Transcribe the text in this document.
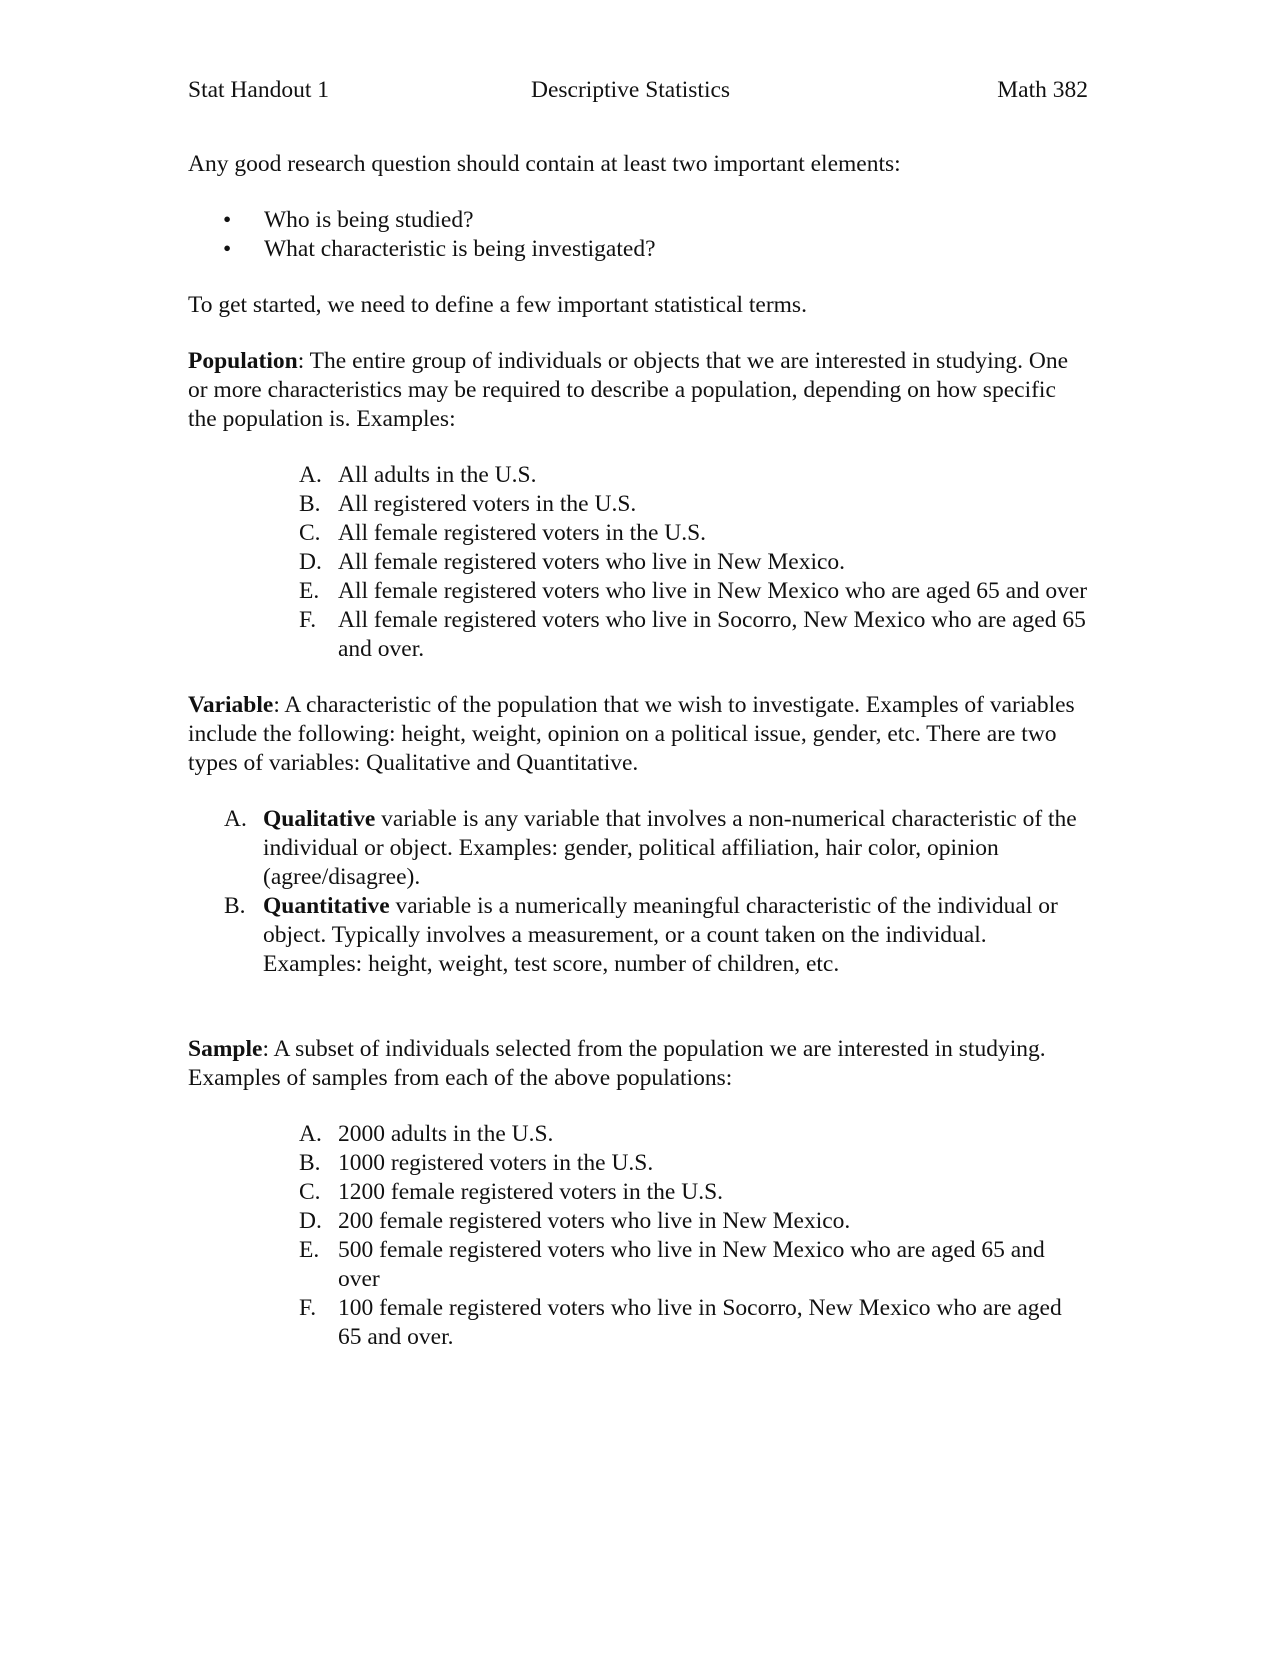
Stat Handout 1	Descriptive Statistics	Math 382

Any good research question should contain at least two important elements:

• Who is being studied?
• What characteristic is being investigated?

To get started, we need to define a few important statistical terms.

Population: The entire group of individuals or objects that we are interested in studying. One or more characteristics may be required to describe a population, depending on how specific the population is. Examples:

A. All adults in the U.S.
B. All registered voters in the U.S.
C. All female registered voters in the U.S.
D. All female registered voters who live in New Mexico.
E. All female registered voters who live in New Mexico who are aged 65 and over
F. All female registered voters who live in Socorro, New Mexico who are aged 65 and over.

Variable: A characteristic of the population that we wish to investigate. Examples of variables include the following: height, weight, opinion on a political issue, gender, etc. There are two types of variables: Qualitative and Quantitative.

A. Qualitative variable is any variable that involves a non-numerical characteristic of the individual or object. Examples: gender, political affiliation, hair color, opinion (agree/disagree).
B. Quantitative variable is a numerically meaningful characteristic of the individual or object. Typically involves a measurement, or a count taken on the individual. Examples: height, weight, test score, number of children, etc.

Sample: A subset of individuals selected from the population we are interested in studying. Examples of samples from each of the above populations:

A. 2000 adults in the U.S.
B. 1000 registered voters in the U.S.
C. 1200 female registered voters in the U.S.
D. 200 female registered voters who live in New Mexico.
E. 500 female registered voters who live in New Mexico who are aged 65 and over
F. 100 female registered voters who live in Socorro, New Mexico who are aged 65 and over.
